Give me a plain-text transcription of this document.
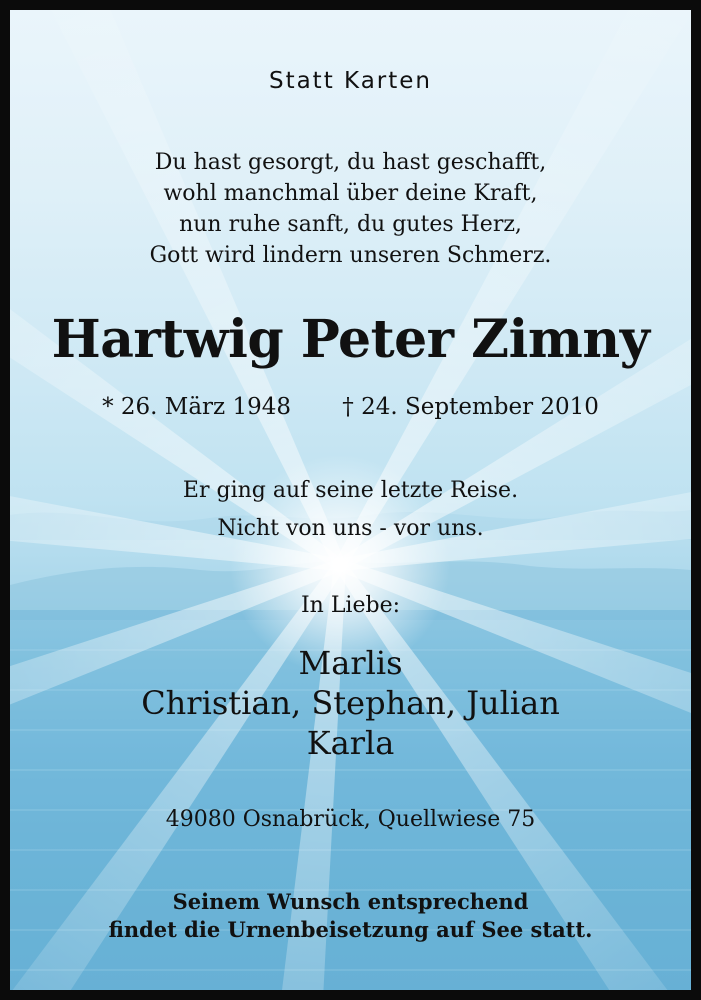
Statt Karten
Du hast gesorgt, du hast geschafft,
wohl manchmal über deine Kraft,
nun ruhe sanft, du gutes Herz,
Gott wird lindern unseren Schmerz.
Hartwig Peter Zimny
* 26. März 1948 † 24. September 2010
Er ging auf seine letzte Reise.
Nicht von uns - vor uns.
In Liebe:
Marlis
Christian, Stephan, Julian
Karla
49080 Osnabrück, Quellwiese 75
Seinem Wunsch entsprechend
findet die Urnenbeisetzung auf See statt.
